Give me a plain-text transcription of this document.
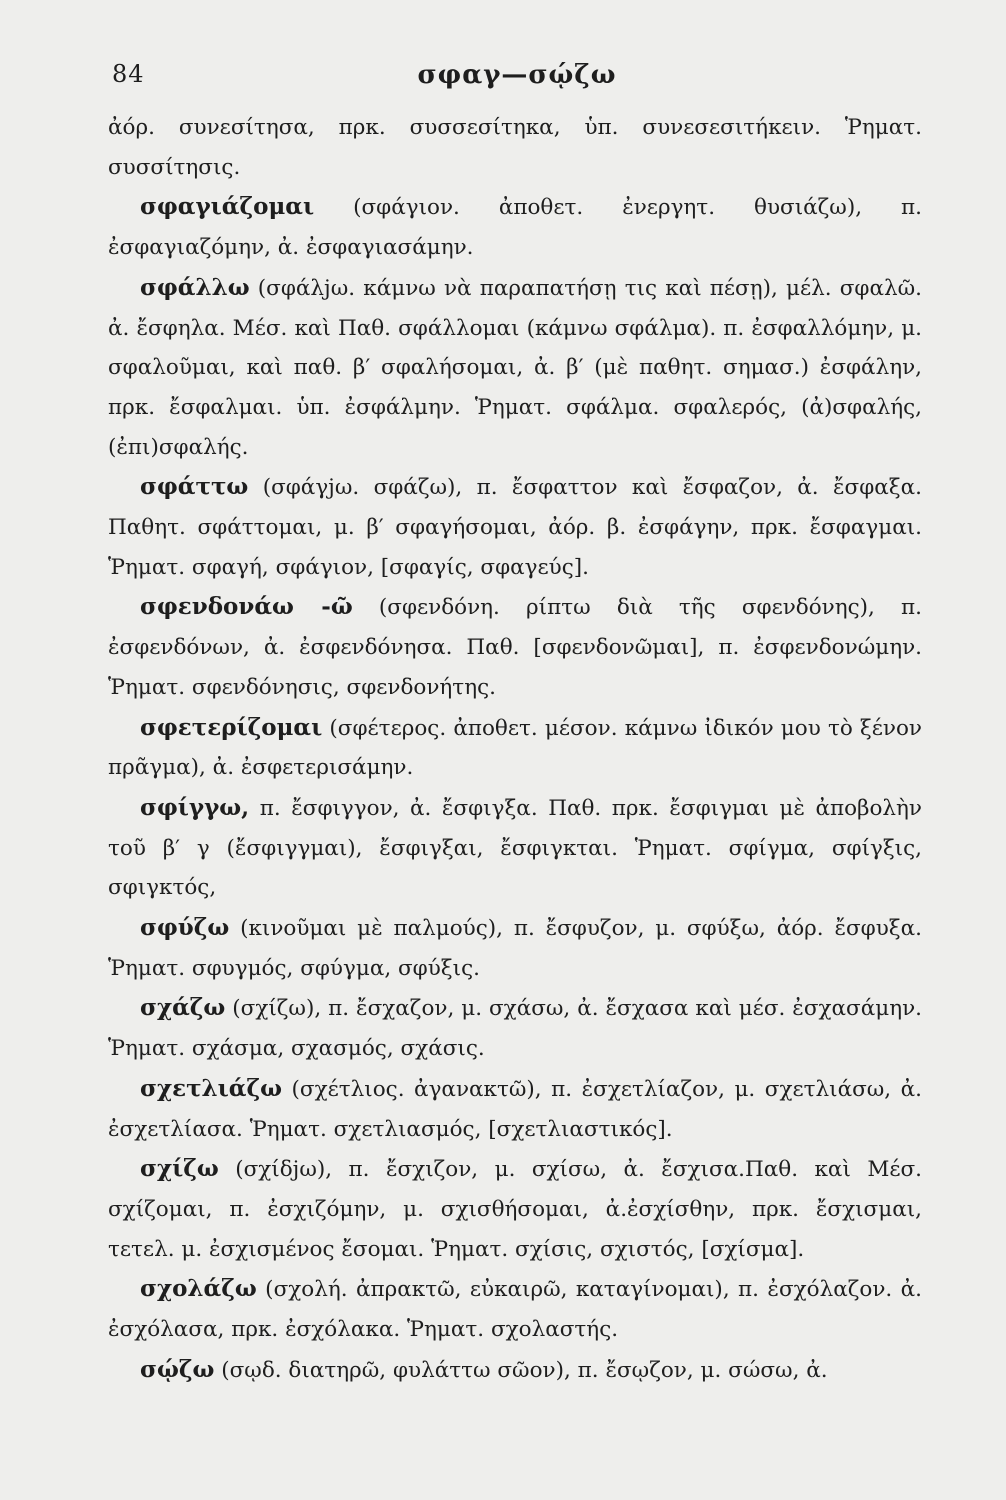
84	σφαγ—σῴζω

ἀόρ. συνεσίτησα, πρκ. συσσεσίτηκα, ὑπ. συνεσεσιτήκειν. Ῥηματ. συσσίτησις.

σφαγιάζομαι (σφάγιον. ἀποθετ. ἐνεργητ. θυσιάζω), π. ἐσφαγιαζόμην, ἀ. ἐσφαγιασάμην.

σφάλλω (σφάλjω. κάμνω νὰ παραπατήσῃ τις καὶ πέσῃ), μέλ. σφαλῶ. ἀ. ἔσφηλα. Μέσ. καὶ Παθ. σφάλλομαι (κάμνω σφάλμα). π. ἐσφαλλόμην, μ. σφαλοῦμαι, καὶ παθ. β′ σφαλήσομαι, ἀ. β′ (μὲ παθητ. σημασ.) ἐσφάλην, πρκ. ἔσφαλμαι. ὑπ. ἐσφάλμην. Ῥηματ. σφάλμα. σφαλερός, (ἀ)σφαλής, (ἐπι)σφαλής.

σφάττω (σφάγjω. σφάζω), π. ἔσφαττον καὶ ἔσφαζον, ἀ. ἔσφαξα. Παθητ. σφάττομαι, μ. β′ σφαγήσομαι, ἀόρ. β. ἐσφάγην, πρκ. ἔσφαγμαι. Ῥηματ. σφαγή, σφάγιον, [σφαγίς, σφαγεύς].

σφενδονάω -ῶ (σφενδόνη. ρίπτω διὰ τῆς σφενδόνης), π. ἐσφενδόνων, ἀ. ἐσφενδόνησα. Παθ. [σφενδονῶμαι], π. ἐσφενδονώμην. Ῥηματ. σφενδόνησις, σφενδονήτης.

σφετερίζομαι (σφέτερος. ἀποθετ. μέσον. κάμνω ἰδικόν μου τὸ ξένον πρᾶγμα), ἀ. ἐσφετερισάμην.

σφίγγω, π. ἔσφιγγον, ἀ. ἔσφιγξα. Παθ. πρκ. ἔσφιγμαι μὲ ἀποβολὴν τοῦ β′ γ (ἔσφιγγμαι), ἔσφιγξαι, ἔσφιγκται. Ῥηματ. σφίγμα, σφίγξις, σφιγκτός,

σφύζω (κινοῦμαι μὲ παλμούς), π. ἔσφυζον, μ. σφύξω, ἀόρ. ἔσφυξα. Ῥηματ. σφυγμός, σφύγμα, σφύξις.

σχάζω (σχίζω), π. ἔσχαζον, μ. σχάσω, ἀ. ἔσχασα καὶ μέσ. ἐσχασάμην. Ῥηματ. σχάσμα, σχασμός, σχάσις.

σχετλιάζω (σχέτλιος. ἀγανακτῶ), π. ἐσχετλίαζον, μ. σχετλιάσω, ἀ. ἐσχετλίασα. Ῥηματ. σχετλιασμός, [σχετλιαστικός].

σχίζω (σχίδjω), π. ἔσχιζον, μ. σχίσω, ἀ. ἔσχισα.Παθ. καὶ Μέσ. σχίζομαι, π. ἐσχιζόμην, μ. σχισθήσομαι, ἀ.ἐσχίσθην, πρκ. ἔσχισμαι, τετελ. μ. ἐσχισμένος ἔσομαι. Ῥηματ. σχίσις, σχιστός, [σχίσμα].

σχολάζω (σχολή. ἀπρακτῶ, εὐκαιρῶ, καταγίνομαι), π. ἐσχόλαζον. ἀ. ἐσχόλασα, πρκ. ἐσχόλακα. Ῥηματ. σχολαστής.

σῴζω (σῳδ. διατηρῶ, φυλάττω σῶον), π. ἔσῳζον, μ. σώσω, ἀ.
